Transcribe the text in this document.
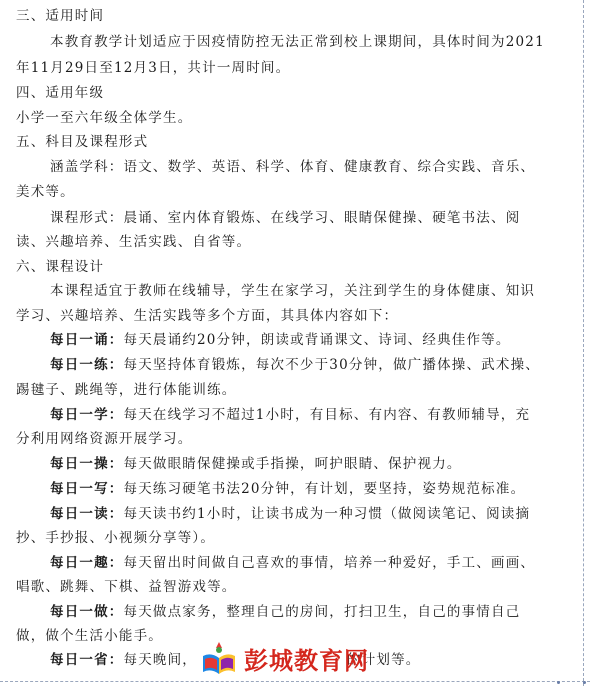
三、适用时间
本教育教学计划适应于因疫情防控无法正常到校上课期间，具体时间为2021
年11月29日至12月3日，共计一周时间。
四、适用年级
小学一至六年级全体学生。
五、科目及课程形式
涵盖学科：语文、数学、英语、科学、体育、健康教育、综合实践、音乐、
美术等。
课程形式：晨诵、室内体育锻炼、在线学习、眼睛保健操、硬笔书法、阅
读、兴趣培养、生活实践、自省等。
六、课程设计
本课程适宜于教师在线辅导，学生在家学习，关注到学生的身体健康、知识
学习、兴趣培养、生活实践等多个方面，其具体内容如下：
每日一诵：每天晨诵约20分钟，朗读或背诵课文、诗词、经典佳作等。
每日一练：每天坚持体育锻炼，每次不少于30分钟，做广播体操、武术操、
踢毽子、跳绳等，进行体能训练。
每日一学：每天在线学习不超过1小时，有目标、有内容、有教师辅导，充
分利用网络资源开展学习。
每日一操：每天做眼睛保健操或手指操，呵护眼睛、保护视力。
每日一写：每天练习硬笔书法20分钟，有计划，要坚持，姿势规范标准。
每日一读：每天读书约1小时，让读书成为一种习惯（做阅读笔记、阅读摘
抄、手抄报、小视频分享等）。
每日一趣：每天留出时间做自己喜欢的事情，培养一种爱好，手工、画画、
唱歌、跳舞、下棋、益智游戏等。
每日一做：每天做点家务，整理自己的房间，打扫卫生，自己的事情自己
做，做个生活小能手。
每日一省：每天晚间，	的计划等。
彭城教育网
